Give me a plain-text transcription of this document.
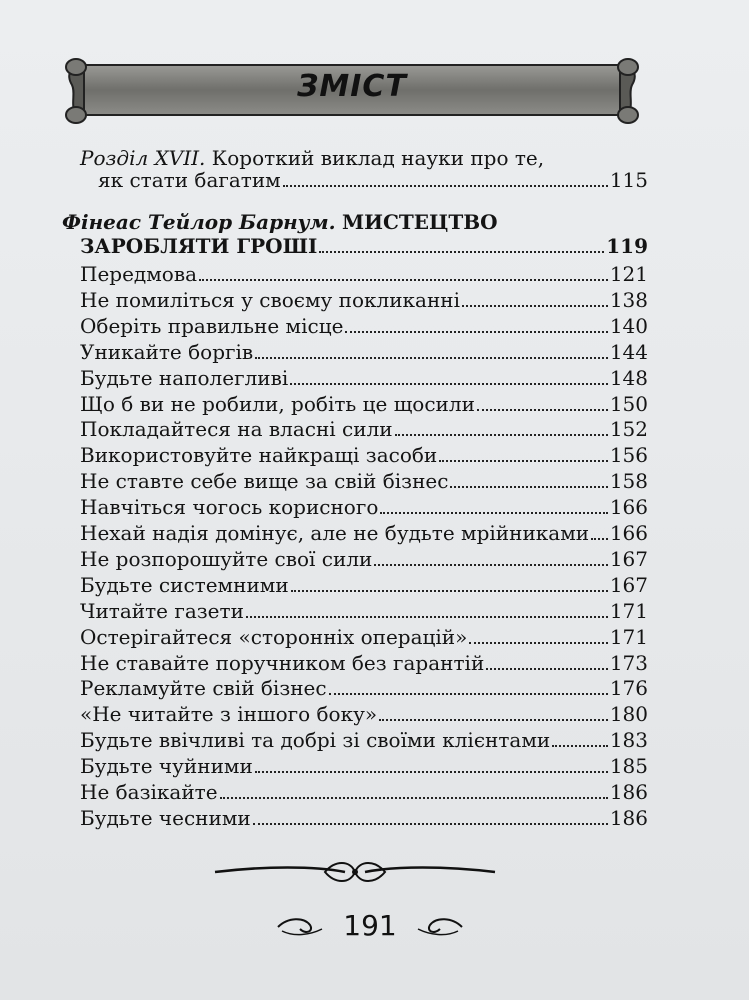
ЗМІСТ
Розділ XVII. Короткий виклад науки про те,
як стати багатим	115
Фінеас Тейлор Барнум. МИСТЕЦТВО
ЗАРОБЛЯТИ ГРОШІ	119
Передмова	121
Не помиліться у своєму покликанні	138
Оберіть правильне місце	140
Уникайте боргів	144
Будьте наполегливі	148
Що б ви не робили, робіть це щосили	150
Покладайтеся на власні сили	152
Використовуйте найкращі засоби	156
Не ставте себе вище за свій бізнес	158
Навчіться чогось корисного	166
Нехай надія домінує, але не будьте мрійниками 166
Не розпорошуйте свої сили	167
Будьте системними	167
Читайте газети	171
Остерігайтеся «сторонніх операцій»	171
Не ставайте поручником без гарантій	173
Рекламуйте свій бізнес	176
«Не читайте з іншого боку»	180
Будьте ввічливі та добрі зі своїми клієнтами	183
Будьте чуйними	185
Не базікайте	186
Будьте чесними	186
191
